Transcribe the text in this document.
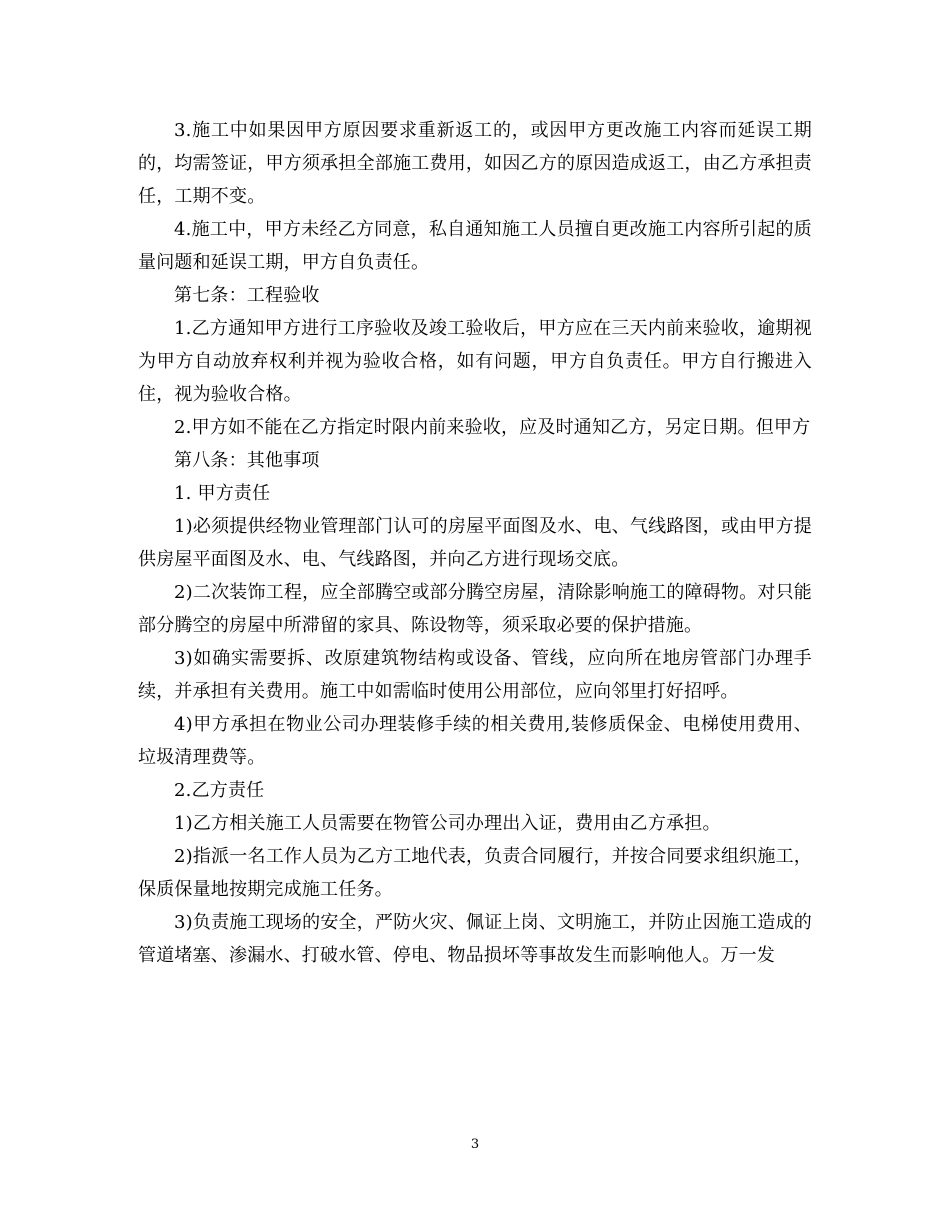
3.施工中如果因甲方原因要求重新返工的，或因甲方更改施工内容而延误工期的，均需签证，甲方须承担全部施工费用，如因乙方的原因造成返工，由乙方承担责任，工期不变。

4.施工中，甲方未经乙方同意，私自通知施工人员擅自更改施工内容所引起的质量问题和延误工期，甲方自负责任。

第七条：工程验收

1.乙方通知甲方进行工序验收及竣工验收后，甲方应在三天内前来验收，逾期视为甲方自动放弃权利并视为验收合格，如有问题，甲方自负责任。甲方自行搬进入住，视为验收合格。

2.甲方如不能在乙方指定时限内前来验收，应及时通知乙方，另定日期。但甲方

第八条：其他事项

1. 甲方责任

1)必须提供经物业管理部门认可的房屋平面图及水、电、气线路图，或由甲方提供房屋平面图及水、电、气线路图，并向乙方进行现场交底。

2)二次装饰工程，应全部腾空或部分腾空房屋，清除影响施工的障碍物。对只能部分腾空的房屋中所滞留的家具、陈设物等，须采取必要的保护措施。

3)如确实需要拆、改原建筑物结构或设备、管线，应向所在地房管部门办理手续，并承担有关费用。施工中如需临时使用公用部位，应向邻里打好招呼。

4)甲方承担在物业公司办理装修手续的相关费用,装修质保金、电梯使用费用、垃圾清理费等。

2.乙方责任

1)乙方相关施工人员需要在物管公司办理出入证，费用由乙方承担。

2)指派一名工作人员为乙方工地代表，负责合同履行，并按合同要求组织施工，保质保量地按期完成施工任务。

3)负责施工现场的安全，严防火灾、佩证上岗、文明施工，并防止因施工造成的管道堵塞、渗漏水、打破水管、停电、物品损坏等事故发生而影响他人。万一发

3
